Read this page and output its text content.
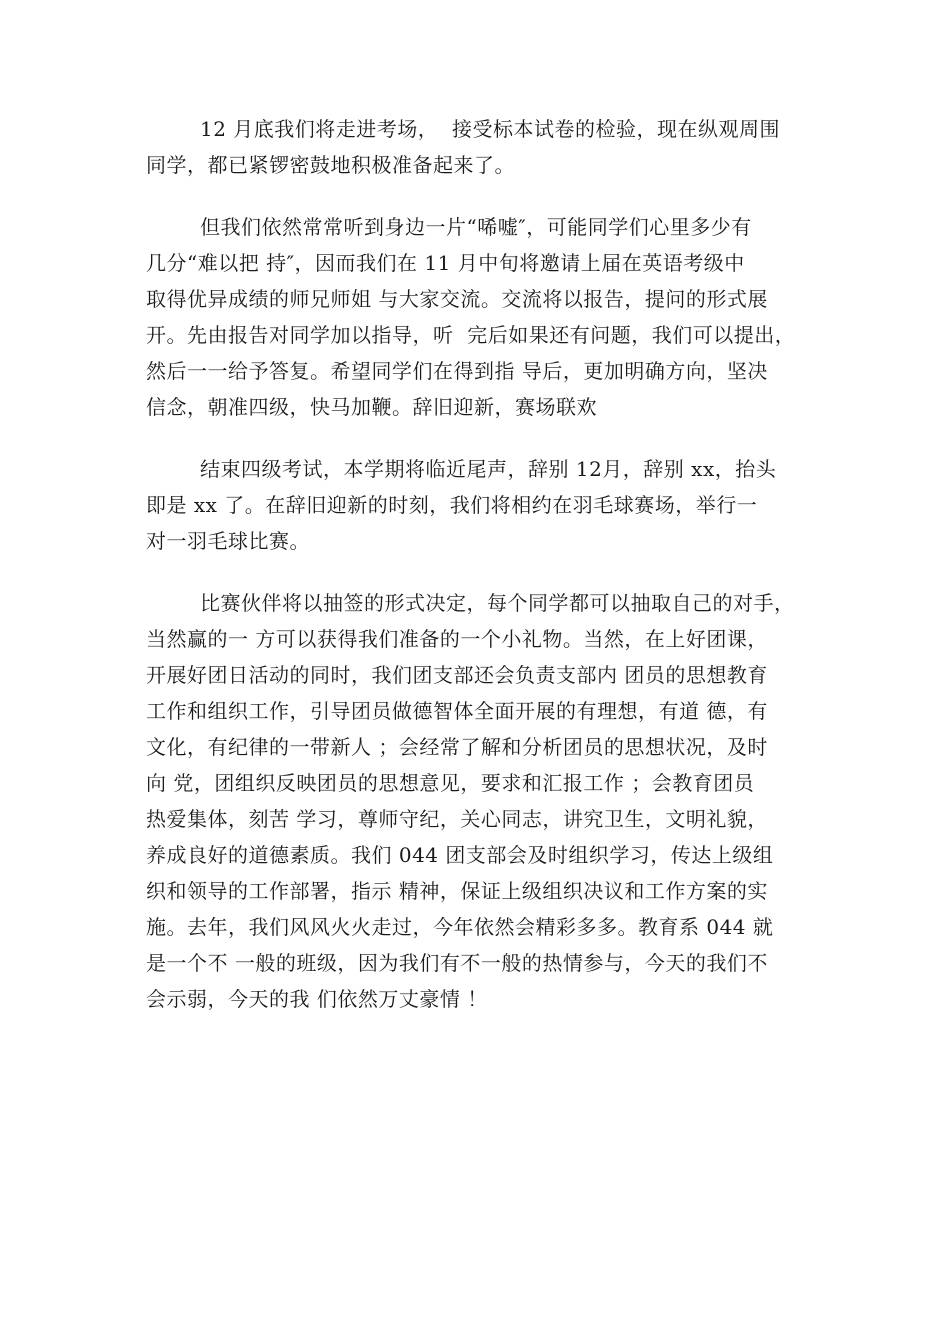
12 月底我们将走进考场，  接受标本试卷的检验，现在纵观周围
同学，都已紧锣密鼓地积极准备起来了。
但我们依然常常听到身边一片“唏嘘″，可能同学们心里多少有
几分“难以把 持″，因而我们在 11 月中旬将邀请上届在英语考级中
取得优异成绩的师兄师姐 与大家交流。交流将以报告，提问的形式展
开。先由报告对同学加以指导，听  完后如果还有问题，我们可以提出，
然后一一给予答复。希望同学们在得到指 导后，更加明确方向，坚决
信念，朝准四级，快马加鞭。辞旧迎新，赛场联欢
结束四级考试，本学期将临近尾声，辞别 12月，辞别 xx，抬头
即是 xx 了。在辞旧迎新的时刻，我们将相约在羽毛球赛场，举行一
对一羽毛球比赛。
比赛伙伴将以抽签的形式决定，每个同学都可以抽取自己的对手，
当然赢的一 方可以获得我们准备的一个小礼物。当然，在上好团课，
开展好团日活动的同时，我们团支部还会负责支部内 团员的思想教育
工作和组织工作，引导团员做德智体全面开展的有理想，有道 德，有
文化，有纪律的一带新人 ；会经常了解和分析团员的思想状况，及时
向 党，团组织反映团员的思想意见，要求和汇报工作 ；会教育团员
热爱集体，刻苦 学习，尊师守纪，关心同志，讲究卫生，文明礼貌，
养成良好的道德素质。我们 044 团支部会及时组织学习，传达上级组
织和领导的工作部署，指示 精神，保证上级组织决议和工作方案的实
施。去年，我们风风火火走过，今年依然会精彩多多。教育系 044 就
是一个不 一般的班级，因为我们有不一般的热情参与，今天的我们不
会示弱，今天的我 们依然万丈豪情 ！
